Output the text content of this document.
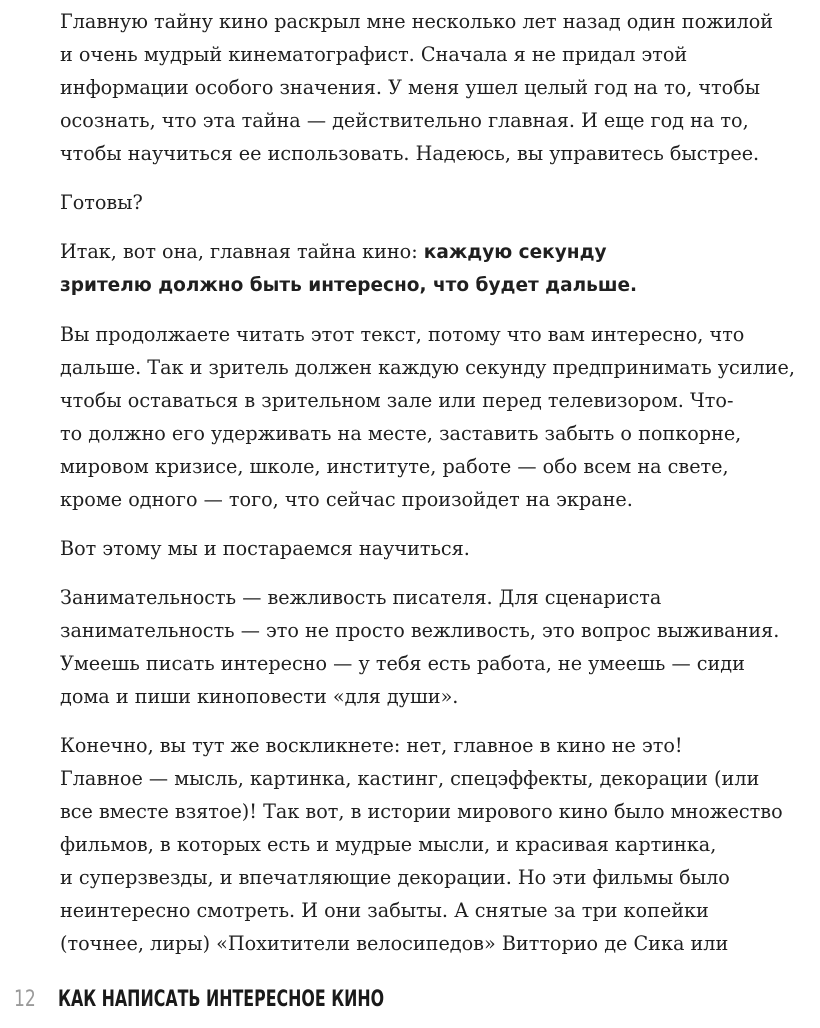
Главную тайну кино раскрыл мне несколько лет назад один пожилой
и очень мудрый кинематографист. Сначала я не придал этой
информации особого значения. У меня ушел целый год на то, чтобы
осознать, что эта тайна — действительно главная. И еще год на то,
чтобы научиться ее использовать. Надеюсь, вы управитесь быстрее.

Готовы?

Итак, вот она, главная тайна кино: каждую секунду
зрителю должно быть интересно, что будет дальше.

Вы продолжаете читать этот текст, потому что вам интересно, что
дальше. Так и зритель должен каждую секунду предпринимать усилие,
чтобы оставаться в зрительном зале или перед телевизором. Что-
то должно его удерживать на месте, заставить забыть о попкорне,
мировом кризисе, школе, институте, работе — обо всем на свете,
кроме одного — того, что сейчас произойдет на экране.

Вот этому мы и постараемся научиться.

Занимательность — вежливость писателя. Для сценариста
занимательность — это не просто вежливость, это вопрос выживания.
Умеешь писать интересно — у тебя есть работа, не умеешь — сиди
дома и пиши киноповести «для души».

Конечно, вы тут же воскликнете: нет, главное в кино не это!
Главное — мысль, картинка, кастинг, спецэффекты, декорации (или
все вместе взятое)! Так вот, в истории мирового кино было множество
фильмов, в которых есть и мудрые мысли, и красивая картинка,
и суперзвезды, и впечатляющие декорации. Но эти фильмы было
неинтересно смотреть. И они забыты. А снятые за три копейки
(точнее, лиры) «Похитители велосипедов» Витторио де Сика или

12 КАК НАПИСАТЬ ИНТЕРЕСНОЕ КИНО
